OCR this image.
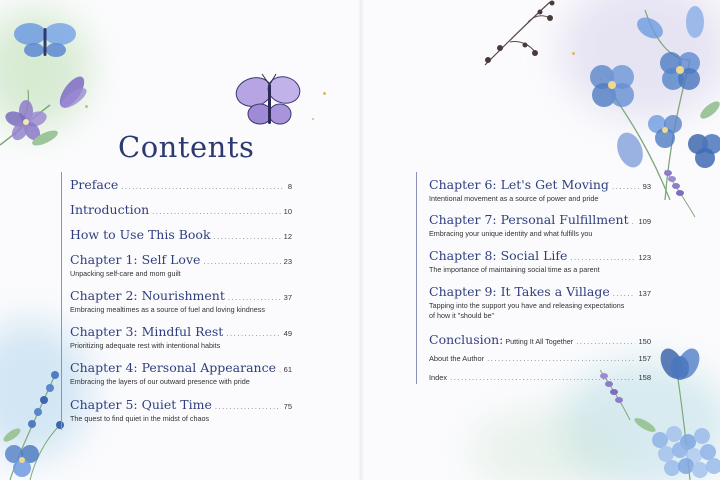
Contents
Preface .....	8
Introduction .....	10
How to Use This Book .....	12
Chapter 1: Self Love .....	23
Unpacking self-care and mom guilt
Chapter 2: Nourishment .....	37
Embracing mealtimes as a source of fuel and loving kindness
Chapter 3: Mindful Rest .....	49
Prioritizing adequate rest with intentional habits
Chapter 4: Personal Appearance ..... 61
Embracing the layers of our outward presence with pride
Chapter 5: Quiet Time .....	75
The quest to find quiet in the midst of chaos
Chapter 6: Let's Get Moving .....	93
Intentional movement as a source of power and pride
Chapter 7: Personal Fulfillment ..... 109
Embracing your unique identity and what fulfills you
Chapter 8: Social Life .....	123
The importance of maintaining social time as a parent
Chapter 9: It Takes a Village .....	137
Tapping into the support you have and releasing expectations of how it "should be"
Conclusion: Putting It All Together .....	150
About the Author .....	157
Index .....	158
